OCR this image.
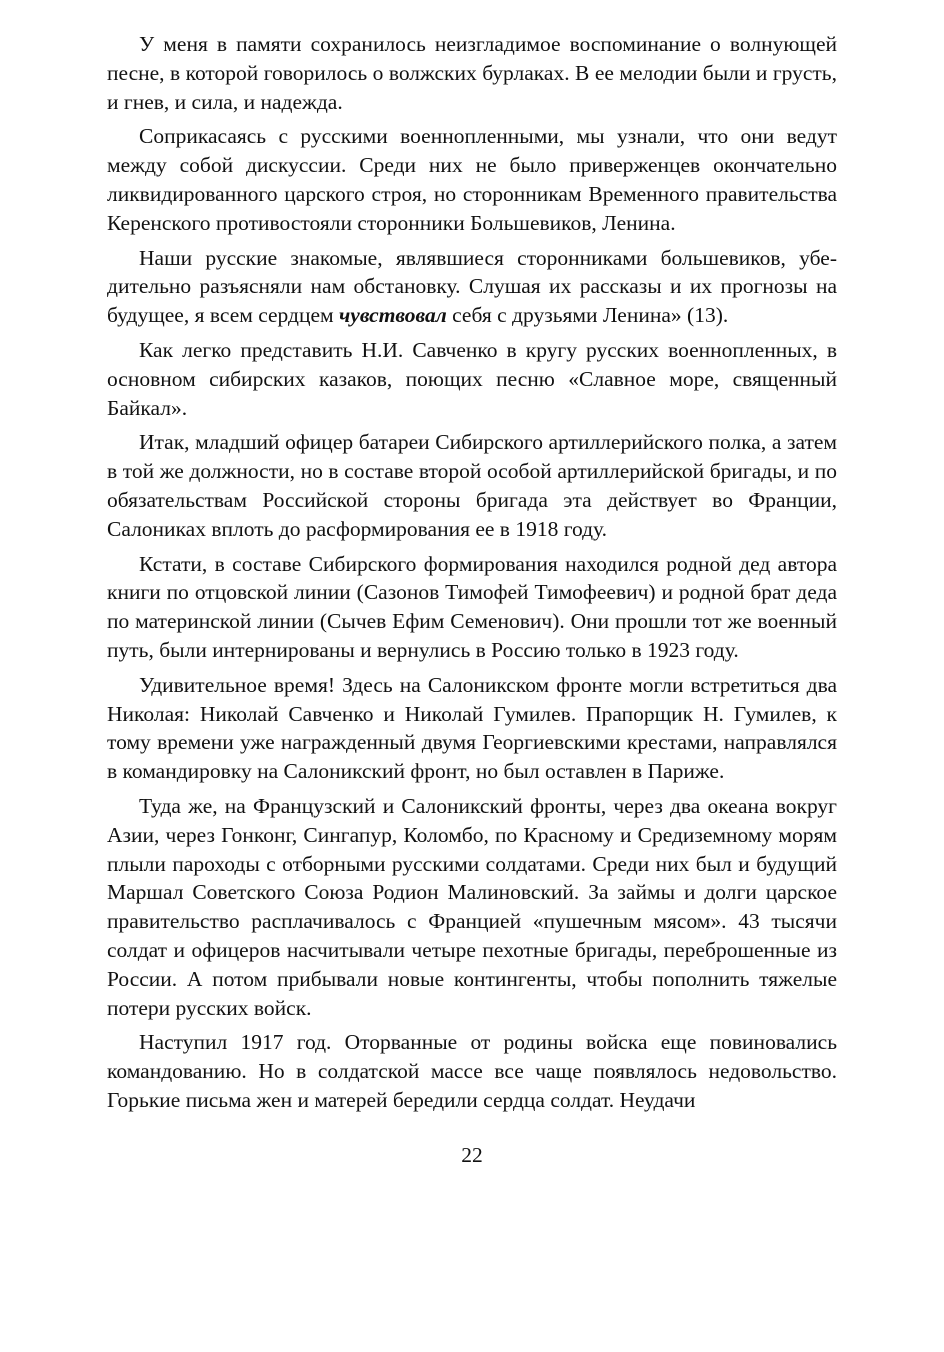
У меня в памяти сохранилось неизгладимое воспоминание о волнующей песне, в которой говорилось о волжских бурлаках. В ее мелодии были и грусть, и гнев, и сила, и надежда.

Соприкасаясь с русскими военнопленными, мы узнали, что они ведут между собой дискуссии. Среди них не было приверженцев окончательно ликвидированного царского строя, но сторонникам Временного правительства Керенского противостояли сторонники Большевиков, Ленина.

Наши русские знакомые, являвшиеся сторонниками большевиков, убедительно разъясняли нам обстановку. Слушая их рассказы и их прогнозы на будущее, я всем сердцем чувствовал себя с друзьями Ленина» (13).

Как легко представить Н.И. Савченко в кругу русских военнопленных, в основном сибирских казаков, поющих песню «Славное море, священный Байкал».

Итак, младший офицер батареи Сибирского артиллерийского полка, а затем в той же должности, но в составе второй особой артиллерийской бригады, и по обязательствам Российской стороны бригада эта действует во Франции, Салониках вплоть до расформирования ее в 1918 году.

Кстати, в составе Сибирского формирования находился родной дед автора книги по отцовской линии (Сазонов Тимофей Тимофеевич) и родной брат деда по материнской линии (Сычев Ефим Семенович). Они прошли тот же военный путь, были интернированы и вернулись в Россию только в 1923 году.

Удивительное время! Здесь на Салоникском фронте могли встретиться два Николая: Николай Савченко и Николай Гумилев. Прапорщик Н. Гумилев, к тому времени уже награжденный двумя Георгиевскими крестами, направлялся в командировку на Салоникский фронт, но был оставлен в Париже.

Туда же, на Французский и Салоникский фронты, через два океана вокруг Азии, через Гонконг, Сингапур, Коломбо, по Красному и Средиземному морям плыли пароходы с отборными русскими солдатами. Среди них был и будущий Маршал Советского Союза Родион Малиновский. За займы и долги царское правительство расплачивалось с Францией «пушечным мясом». 43 тысячи солдат и офицеров насчитывали четыре пехотные бригады, переброшенные из России. А потом прибывали новые контингенты, чтобы пополнить тяжелые потери русских войск.

Наступил 1917 год. Оторванные от родины войска еще повиновались командованию. Но в солдатской массе все чаще появлялось недовольство. Горькие письма жен и матерей бередили сердца солдат. Неудачи

22
